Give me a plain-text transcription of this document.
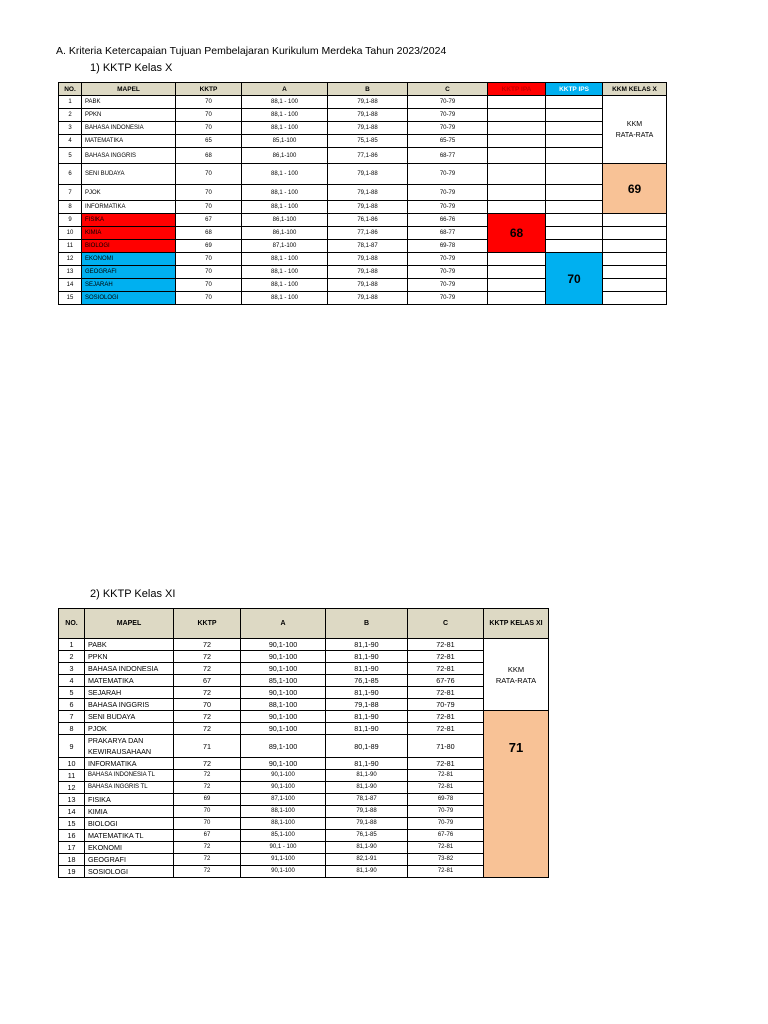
A. Kriteria Ketercapaian Tujuan Pembelajaran Kurikulum Merdeka Tahun 2023/2024
1) KKTP Kelas X
NO.	MAPEL	KKTP	A	B	C	KKTP IPA	KKTP IPS	KKM KELAS X
1	PABK	70	88,1 - 100	79,1-88	70-79			KKM
RATA-RATA

2	PPKN	70	88,1 - 100	79,1-88	70-79			
3	BAHASA INDONESIA	70	88,1 - 100	79,1-88	70-79			
4	MATEMATIKA	65	85,1-100	75,1-85	65-75			
5	BAHASA INGGRIS	68	86,1-100	77,1-86	68-77			
6	SENI BUDAYA	70	88,1 - 100	79,1-88	70-79			69
7	PJOK	70	88,1 - 100	79,1-88	70-79			
8	INFORMATIKA	70	88,1 - 100	79,1-88	70-79			
9	FISIKA	67	86,1-100	76,1-86	66-76	68		
10	KIMIA	68	86,1-100	77,1-86	68-77			
11	BIOLOGI	69	87,1-100	78,1-87	69-78			
12	EKONOMI	70	88,1 - 100	79,1-88	70-79		70	
13	GEOGRAFI	70	88,1 - 100	79,1-88	70-79			
14	SEJARAH	70	88,1 - 100	79,1-88	70-79			
15	SOSIOLOGI	70	88,1 - 100	79,1-88	70-79			
2) KKTP Kelas XI
NO.	MAPEL	KKTP	A	B	C	KKTP KELAS XI
1	PABK	72	90,1-100	81,1-90	72-81	KKM
RATA-RATA

2	PPKN	72	90,1-100	81,1-90	72-81	
3	BAHASA INDONESIA	72	90,1-100	81,1-90	72-81	
4	MATEMATIKA	67	85,1-100	76,1-85	67-76	
5	SEJARAH	72	90,1-100	81,1-90	72-81	
6	BAHASA INGGRIS	70	88,1-100	79,1-88	70-79	
7	SENI BUDAYA	72	90,1-100	81,1-90	72-81	71
8	PJOK	72	90,1-100	81,1-90	72-81	
9	PRAKARYA DAN KEWIRAUSAHAAN	71	89,1-100	80,1-89	71-80	
10	INFORMATIKA	72	90,1-100	81,1-90	72-81	
11	BAHASA INDONESIA TL	72	90,1-100	81,1-90	72-81	
12	BAHASA INGGRIS TL	72	90,1-100	81,1-90	72-81	
13	FISIKA	69	87,1-100	78,1-87	69-78	
14	KIMIA	70	88,1-100	79,1-88	70-79	
15	BIOLOGI	70	88,1-100	79,1-88	70-79	
16	MATEMATIKA TL	67	85,1-100	76,1-85	67-76	
17	EKONOMI	72	90,1 - 100	81,1-90	72-81	
18	GEOGRAFI	72	91,1-100	82,1-91	73-82	
19	SOSIOLOGI	72	90,1-100	81,1-90	72-81	
